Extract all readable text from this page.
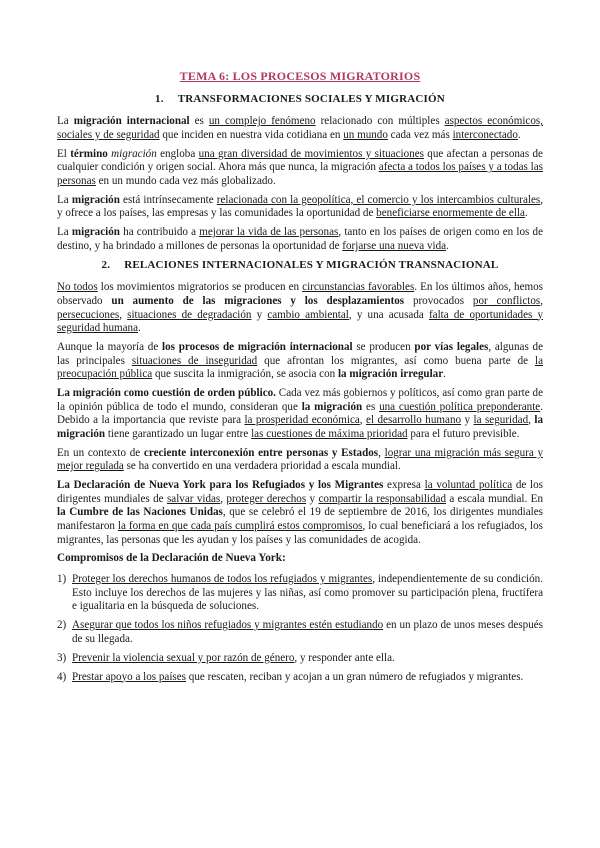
TEMA 6: LOS PROCESOS MIGRATORIOS
1. TRANSFORMACIONES SOCIALES Y MIGRACIÓN

La migración internacional es un complejo fenómeno relacionado con múltiples aspectos económicos, sociales y de seguridad que inciden en nuestra vida cotidiana en un mundo cada vez más interconectado.

El término migración engloba una gran diversidad de movimientos y situaciones que afectan a personas de cualquier condición y origen social. Ahora más que nunca, la migración afecta a todos los países y a todas las personas en un mundo cada vez más globalizado.

La migración está intrínsecamente relacionada con la geopolítica, el comercio y los intercambios culturales, y ofrece a los países, las empresas y las comunidades la oportunidad de beneficiarse enormemente de ella.

La migración ha contribuido a mejorar la vida de las personas, tanto en los países de origen como en los de destino, y ha brindado a millones de personas la oportunidad de forjarse una nueva vida.

2. RELACIONES INTERNACIONALES Y MIGRACIÓN TRANSNACIONAL

No todos los movimientos migratorios se producen en circunstancias favorables. En los últimos años, hemos observado un aumento de las migraciones y los desplazamientos provocados por conflictos, persecuciones, situaciones de degradación y cambio ambiental, y una acusada falta de oportunidades y seguridad humana.

Aunque la mayoría de los procesos de migración internacional se producen por vías legales, algunas de las principales situaciones de inseguridad que afrontan los migrantes, así como buena parte de la preocupación pública que suscita la inmigración, se asocia con la migración irregular.

La migración como cuestión de orden público. Cada vez más gobiernos y políticos, así como gran parte de la opinión pública de todo el mundo, consideran que la migración es una cuestión política preponderante. Debido a la importancia que reviste para la prosperidad económica, el desarrollo humano y la seguridad, la migración tiene garantizado un lugar entre las cuestiones de máxima prioridad para el futuro previsible.

En un contexto de creciente interconexión entre personas y Estados, lograr una migración más segura y mejor regulada se ha convertido en una verdadera prioridad a escala mundial.

La Declaración de Nueva York para los Refugiados y los Migrantes expresa la voluntad política de los dirigentes mundiales de salvar vidas, proteger derechos y compartir la responsabilidad a escala mundial. En la Cumbre de las Naciones Unidas, que se celebró el 19 de septiembre de 2016, los dirigentes mundiales manifestaron la forma en que cada país cumplirá estos compromisos, lo cual beneficiará a los refugiados, los migrantes, las personas que les ayudan y los países y las comunidades de acogida.

Compromisos de la Declaración de Nueva York:
1) Proteger los derechos humanos de todos los refugiados y migrantes, independientemente de su condición. Esto incluye los derechos de las mujeres y las niñas, así como promover su participación plena, fructífera e igualitaria en la búsqueda de soluciones.
2) Asegurar que todos los niños refugiados y migrantes estén estudiando en un plazo de unos meses después de su llegada.
3) Prevenir la violencia sexual y por razón de género, y responder ante ella.
4) Prestar apoyo a los países que rescaten, reciban y acojan a un gran número de refugiados y migrantes.
